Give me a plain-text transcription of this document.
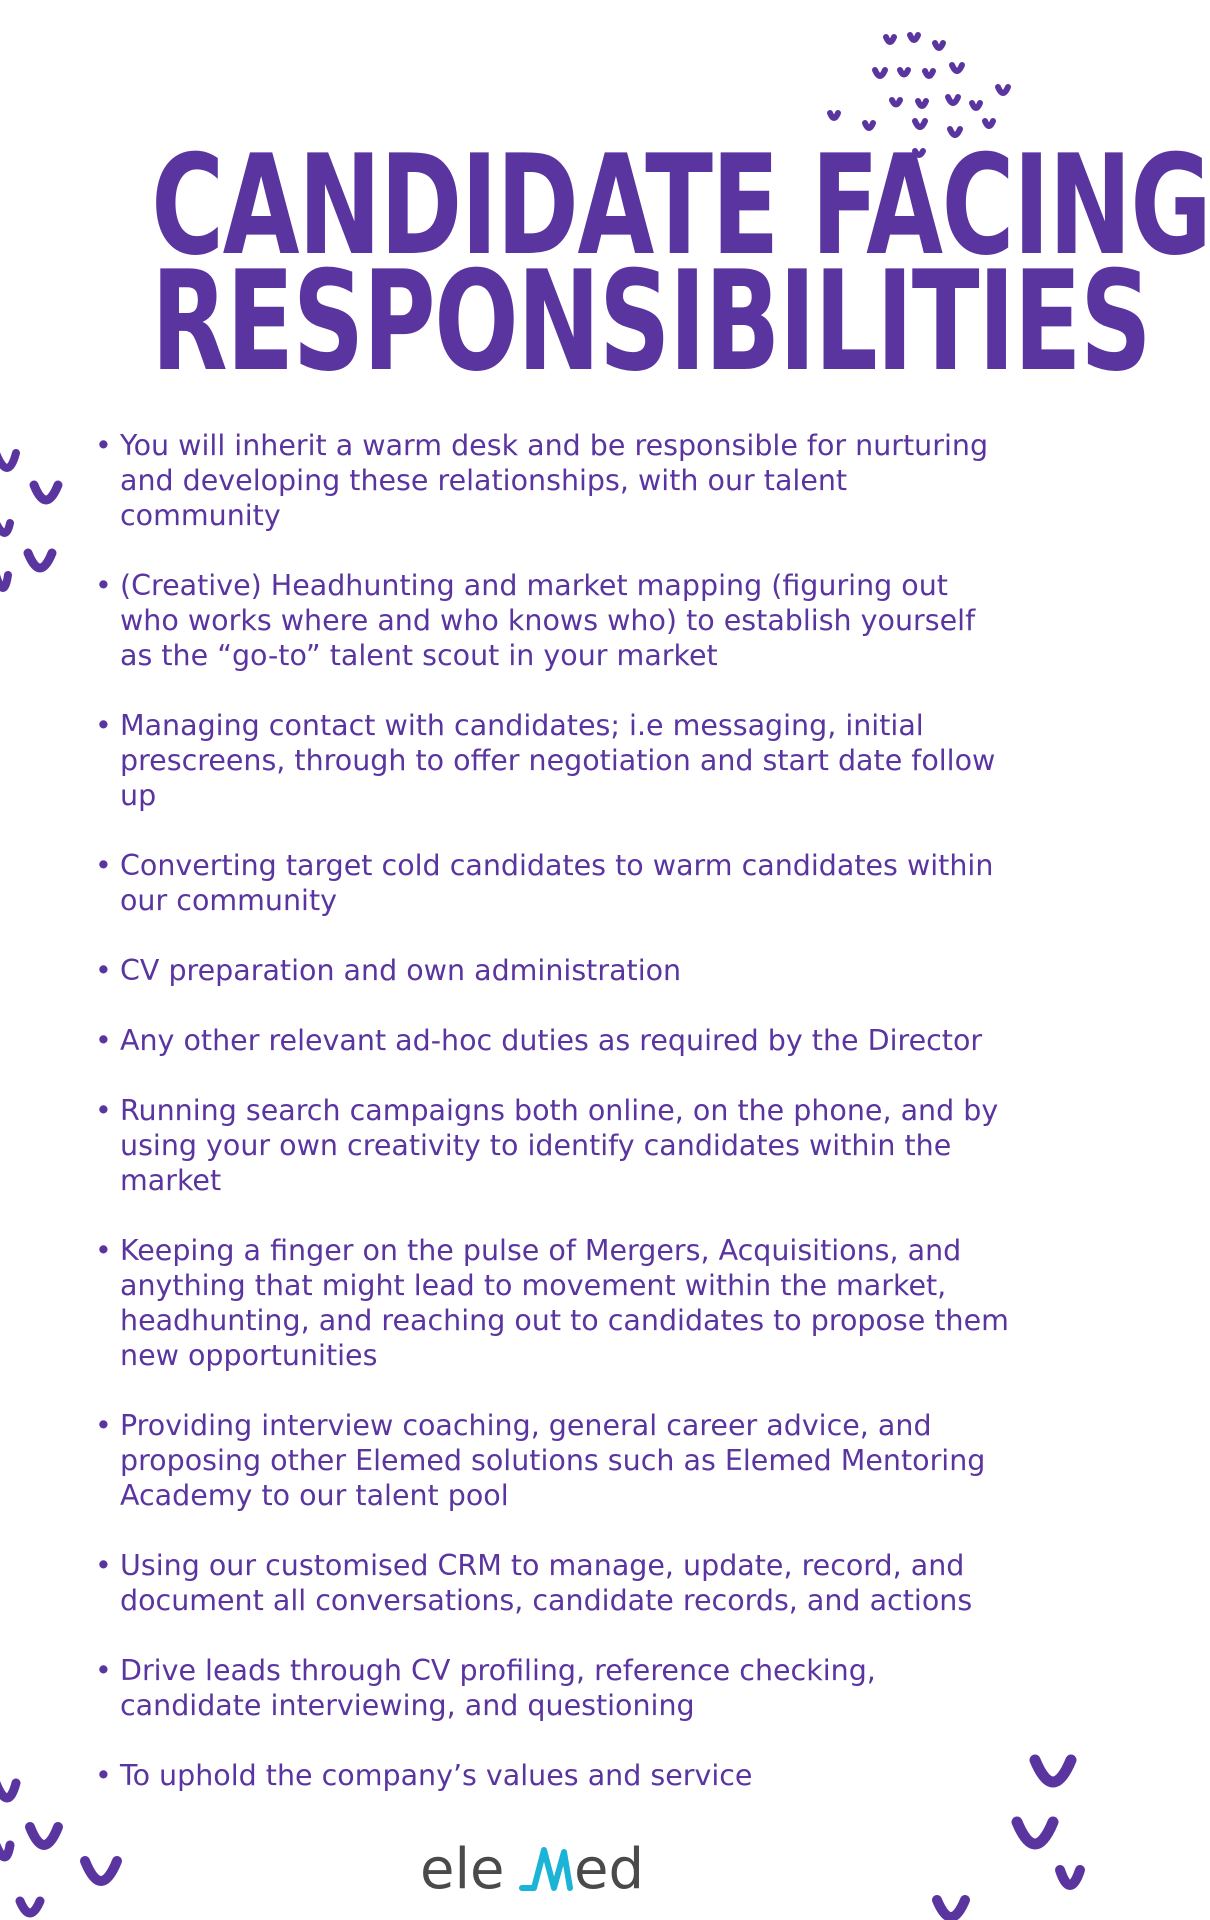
CANDIDATE FACING
RESPONSIBILITIES
• You will inherit a warm desk and be responsible for nurturing and developing these relationships, with our talent community
• (Creative) Headhunting and market mapping (figuring out who works where and who knows who) to establish yourself as the “go-to” talent scout in your market
• Managing contact with candidates; i.e messaging, initial prescreens, through to offer negotiation and start date follow up
• Converting target cold candidates to warm candidates within our community
• CV preparation and own administration
• Any other relevant ad-hoc duties as required by the Director
• Running search campaigns both online, on the phone, and by using your own creativity to identify candidates within the market
• Keeping a finger on the pulse of Mergers, Acquisitions, and anything that might lead to movement within the market, headhunting, and reaching out to candidates to propose them new opportunities
• Providing interview coaching, general career advice, and proposing other Elemed solutions such as Elemed Mentoring Academy to our talent pool
• Using our customised CRM to manage, update, record, and document all conversations, candidate records, and actions
• Drive leads through CV profiling, reference checking, candidate interviewing, and questioning
• To uphold the company’s values and service
ele ed
